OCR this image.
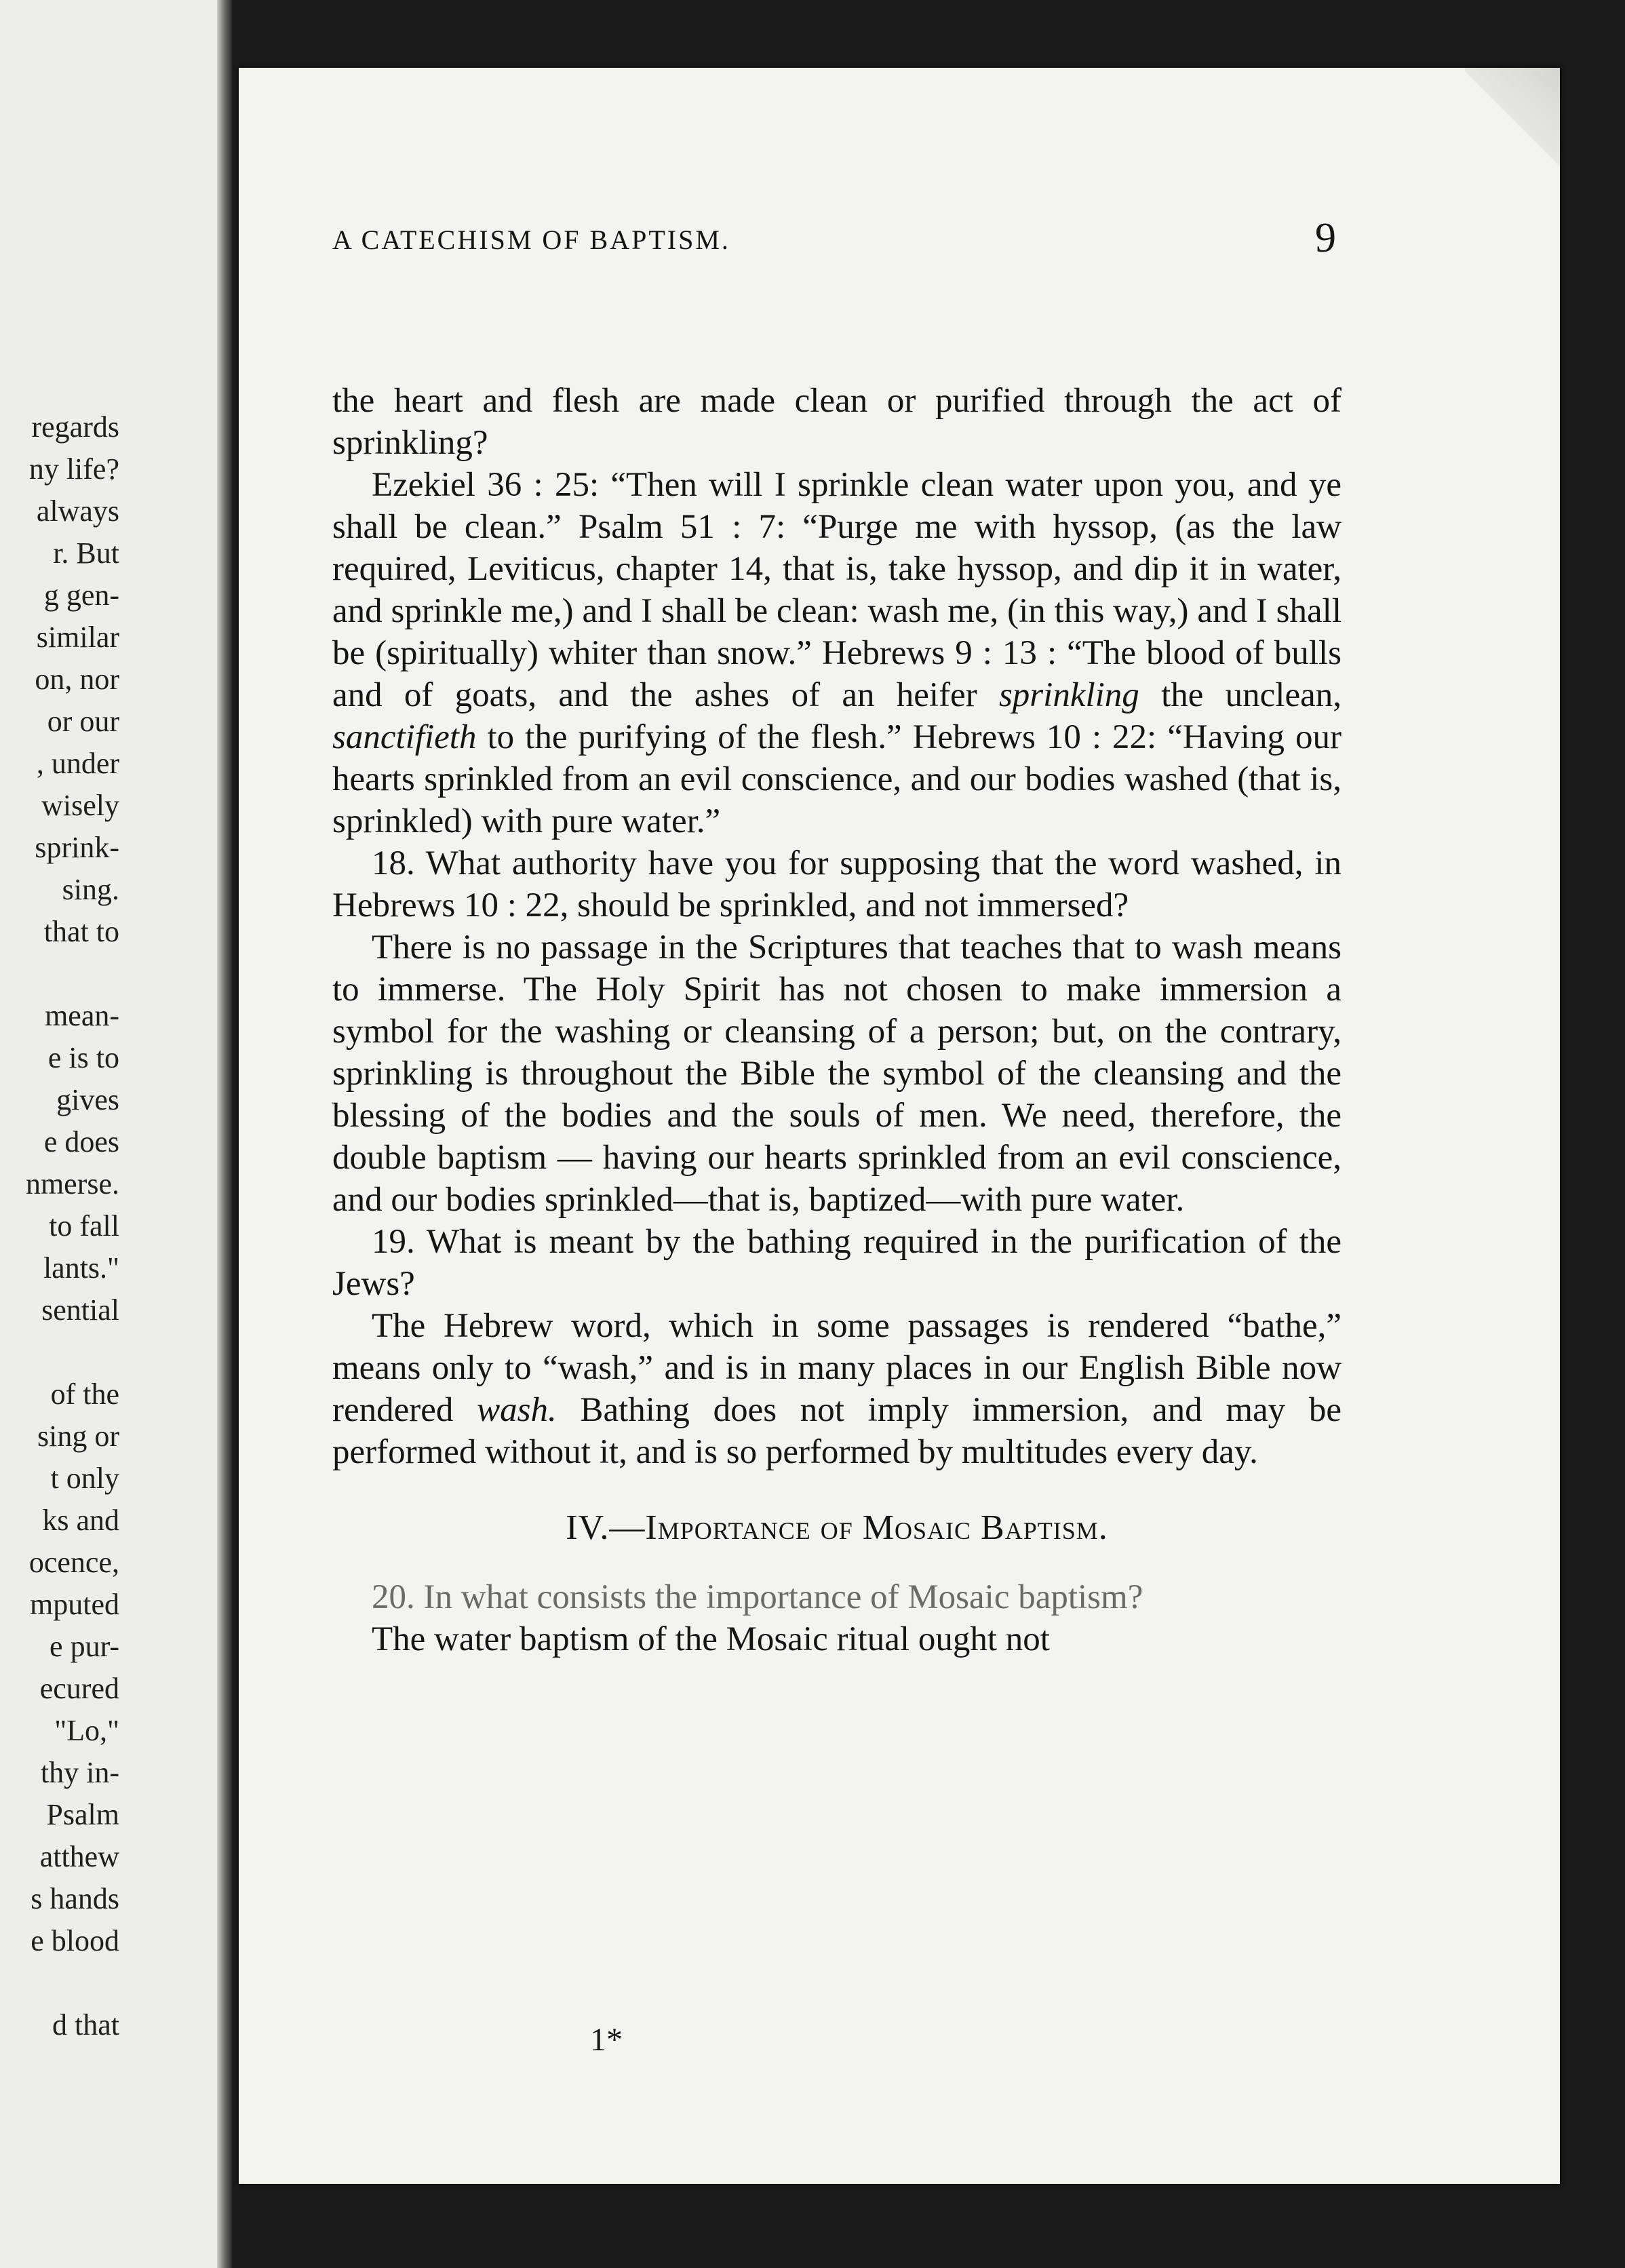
regards
ny life?
always
r. But
g gen-
similar
on, nor
or our
, under
wisely
sprink-
sing.
that to
mean-
e is to
gives
e does
nmerse.
to fall
lants."
sential
of the
sing or
t only
ks and
ocence,
mputed
e pur-
ecured
"Lo,"
thy in-
Psalm
atthew
s hands
e blood
d that
A CATECHISM OF BAPTISM.	9

the heart and flesh are made clean or purified through the act of sprinkling?

Ezekiel 36 : 25: “Then will I sprinkle clean water upon you, and ye shall be clean.” Psalm 51 : 7: “Purge me with hyssop, (as the law required, Leviticus, chapter 14, that is, take hyssop, and dip it in water, and sprinkle me,) and I shall be clean: wash me, (in this way,) and I shall be (spiritually) whiter than snow.” Hebrews 9 : 13 : “The blood of bulls and of goats, and the ashes of an heifer sprinkling the unclean, sanctifieth to the purifying of the flesh.” Hebrews 10 : 22: “Having our hearts sprinkled from an evil conscience, and our bodies washed (that is, sprinkled) with pure water.”

18. What authority have you for supposing that the word washed, in Hebrews 10 : 22, should be sprinkled, and not immersed?

There is no passage in the Scriptures that teaches that to wash means to immerse. The Holy Spirit has not chosen to make immersion a symbol for the washing or cleansing of a person; but, on the contrary, sprinkling is throughout the Bible the symbol of the cleansing and the blessing of the bodies and the souls of men. We need, therefore, the double baptism — having our hearts sprinkled from an evil conscience, and our bodies sprinkled—that is, baptized—with pure water.

19. What is meant by the bathing required in the purification of the Jews?

The Hebrew word, which in some passages is rendered “bathe,” means only to “wash,” and is in many places in our English Bible now rendered wash. Bathing does not imply immersion, and may be performed without it, and is so performed by multitudes every day.

IV.—Importance of Mosaic Baptism.

20. In what consists the importance of Mosaic baptism?

The water baptism of the Mosaic ritual ought not

1*
